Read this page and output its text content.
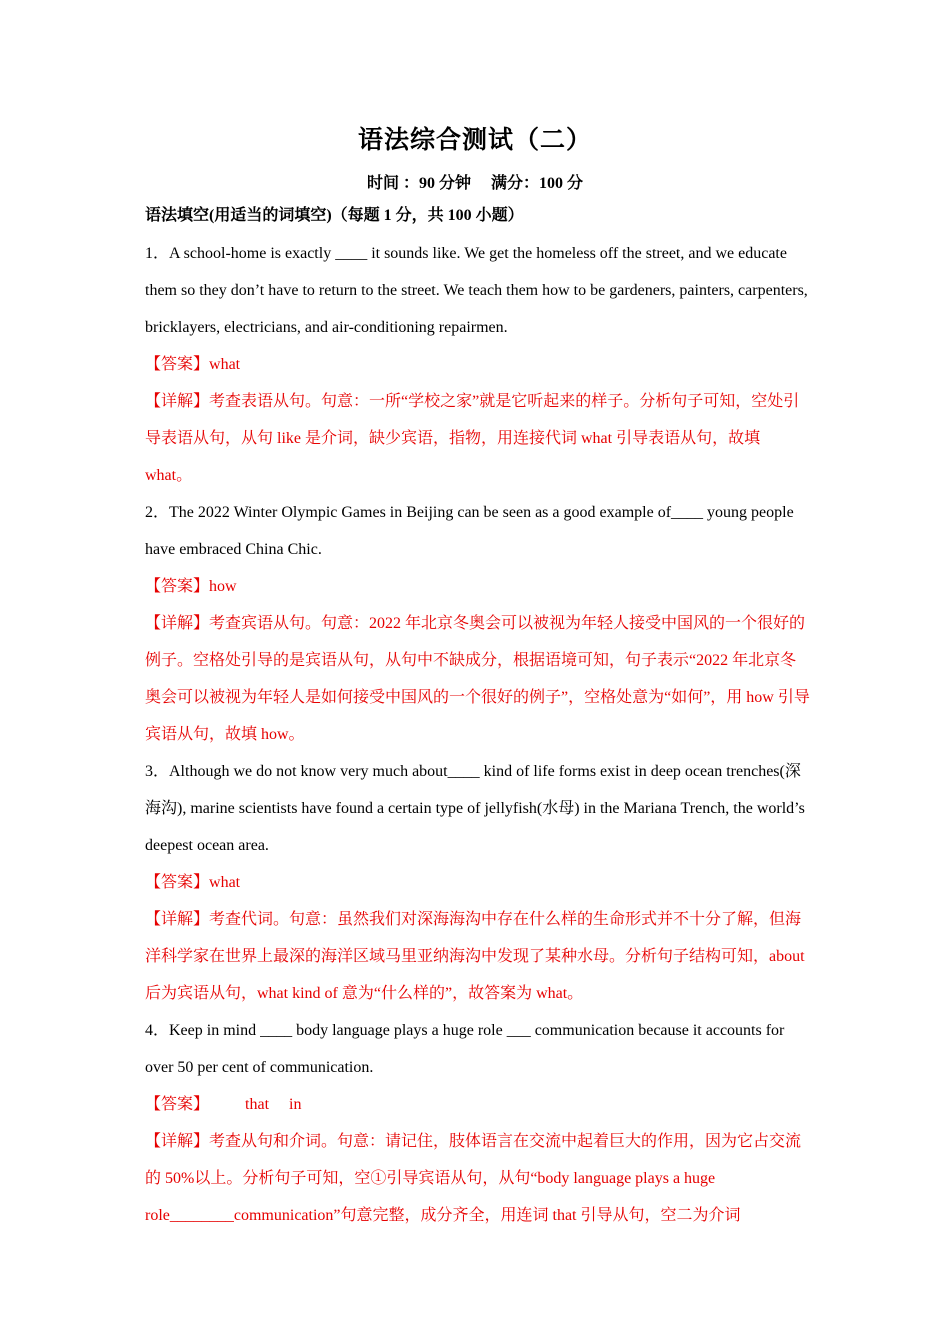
语法综合测试（二）
时间 ：90 分钟 满分：100 分
语法填空(用适当的词填空)（每题 1 分，共 100 小题）

1．A school-home is exactly ____ it sounds like. We get the homeless off the street, and we educate them so they don’t have to return to the street. We teach them how to be gardeners, painters, carpenters, bricklayers, electricians, and air-conditioning repairmen.

【答案】what

【详解】考查表语从句。句意：一所“学校之家”就是它听起来的样子。分析句子可知，空处引导表语从句，从句 like 是介词，缺少宾语，指物，用连接代词 what 引导表语从句，故填 what。

2．The 2022 Winter Olympic Games in Beijing can be seen as a good example of____ young people have embraced China Chic.

【答案】how

【详解】考查宾语从句。句意：2022 年北京冬奥会可以被视为年轻人接受中国风的一个很好的例子。空格处引导的是宾语从句，从句中不缺成分，根据语境可知，句子表示“2022 年北京冬奥会可以被视为年轻人是如何接受中国风的一个很好的例子”，空格处意为“如何”，用 how 引导宾语从句，故填 how。

3．Although we do not know very much about____ kind of life forms exist in deep ocean trenches(深海沟), marine scientists have found a certain type of jellyfish(水母) in the Mariana Trench, the world’s deepest ocean area.

【答案】what

【详解】考查代词。句意：虽然我们对深海海沟中存在什么样的生命形式并不十分了解，但海洋科学家在世界上最深的海洋区域马里亚纳海沟中发现了某种水母。分析句子结构可知，about 后为宾语从句，what kind of 意为“什么样的”，故答案为 what。

4．Keep in mind ____ body language plays a huge role ___ communication because it accounts for over 50 per cent of communication.

【答案】 that in

【详解】考查从句和介词。句意：请记住，肢体语言在交流中起着巨大的作用，因为它占交流的 50%以上。分析句子可知，空①引导宾语从句，从句“body language plays a huge role________communication”句意完整，成分齐全，用连词 that 引导从句，空二为介词
